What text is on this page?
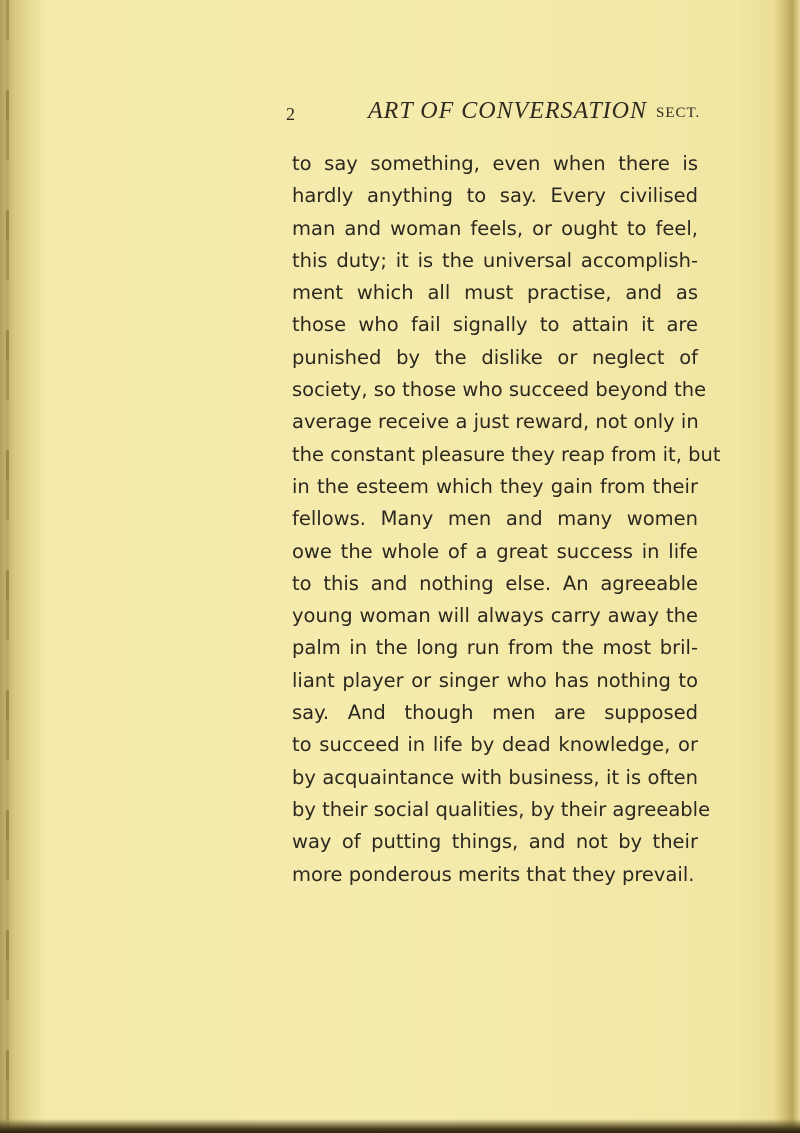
2	ART OF CONVERSATION SECT.
to say something, even when there is
hardly anything to say. Every civilised
man and woman feels, or ought to feel,
this duty; it is the universal accomplish-
ment which all must practise, and as
those who fail signally to attain it are
punished by the dislike or neglect of
society, so those who succeed beyond the
average receive a just reward, not only in
the constant pleasure they reap from it, but
in the esteem which they gain from their
fellows. Many men and many women
owe the whole of a great success in life
to this and nothing else. An agreeable
young woman will always carry away the
palm in the long run from the most bril-
liant player or singer who has nothing to
say. And though men are supposed
to succeed in life by dead knowledge, or
by acquaintance with business, it is often
by their social qualities, by their agreeable
way of putting things, and not by their
more ponderous merits that they prevail.
